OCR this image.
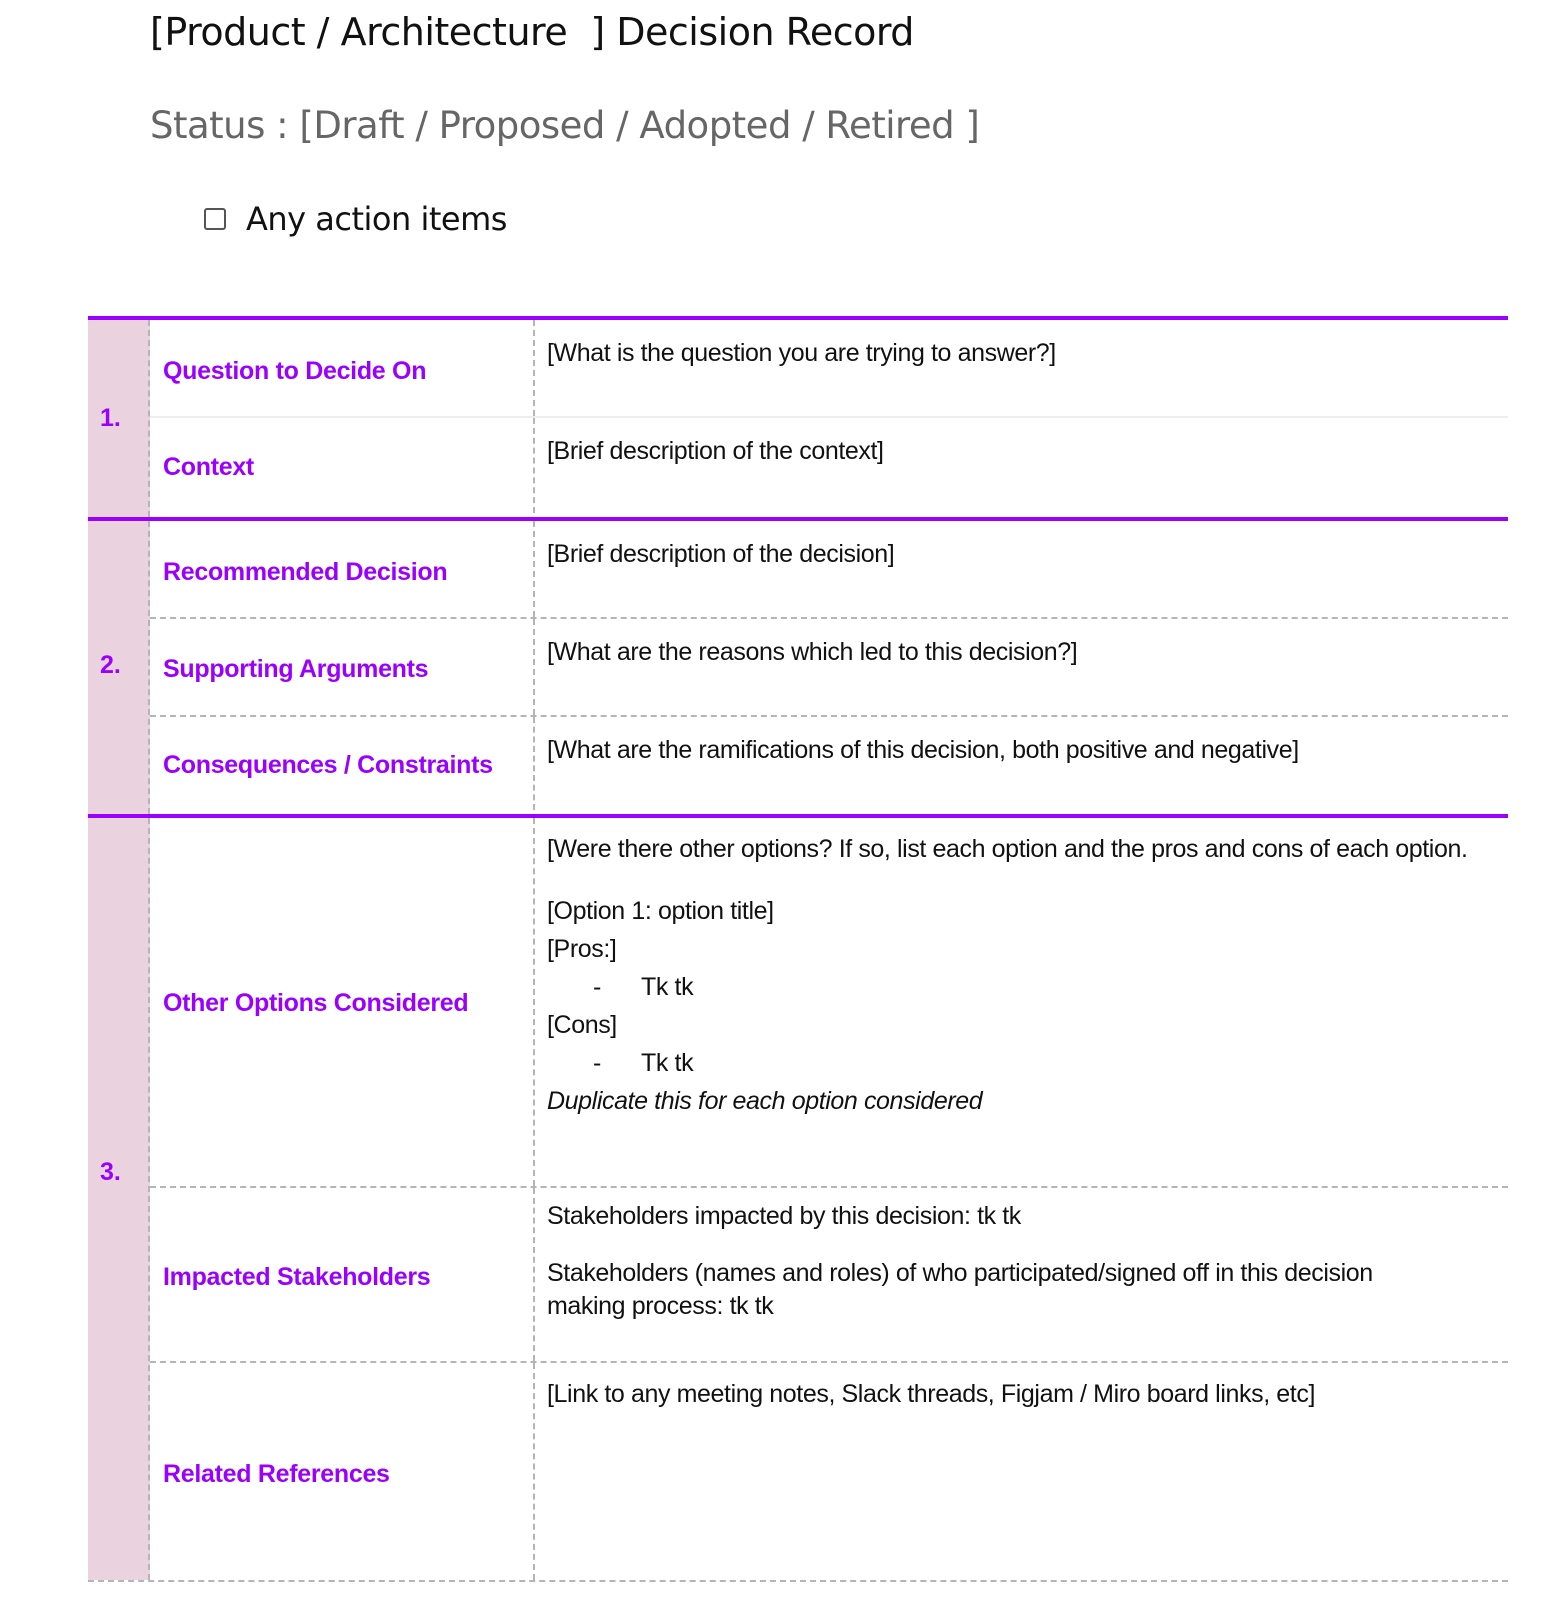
[Product / Architecture  ] Decision Record
Status : [Draft / Proposed / Adopted / Retired ]
Any action items
1.
Question to Decide On

[What is the question you are trying to answer?]

Context

[Brief description of the context]

2.
Recommended Decision

[Brief description of the decision]

Supporting Arguments

[What are the reasons which led to this decision?]

Consequences / Constraints

[What are the ramifications of this decision, both positive and negative]

3.
Other Options Considered

[Were there other options? If so, list each option and the pros and cons of each option.

[Option 1: option title]

[Pros:]

-	Tk tk

[Cons]

-	Tk tk

Duplicate this for each option considered

Impacted Stakeholders

Stakeholders impacted by this decision: tk tk

Stakeholders (names and roles) of who participated/signed off in this decision making process: tk tk

Related References

[Link to any meeting notes, Slack threads, Figjam / Miro board links, etc]
